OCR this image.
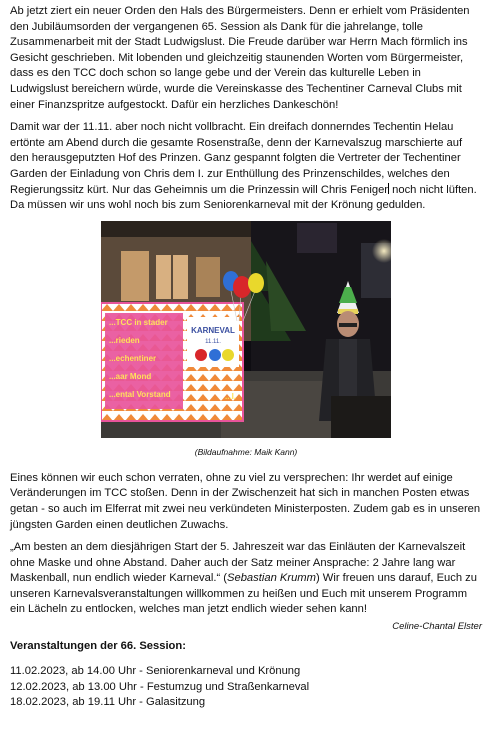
Ab jetzt ziert ein neuer Orden den Hals des Bürgermeisters. Denn er erhielt vom Präsidenten den Jubiläumsorden der vergangenen 65. Session als Dank für die jahrelange, tolle Zusammenarbeit mit der Stadt Ludwigslust. Die Freude darüber war Herrn Mach förmlich ins Gesicht geschrieben. Mit lobenden und gleichzeitig staunenden Worten vom Bürgermeister, dass es den TCC doch schon so lange gebe und der Verein das kulturelle Leben in Ludwigslust bereichern würde, wurde die Vereinskasse des Techentiner Carneval Clubs mit einer Finanzspritze aufgestockt. Dafür ein herzliches Dankeschön!

Damit war der 11.11. aber noch nicht vollbracht. Ein dreifach donnerndes Techentin Helau ertönte am Abend durch die gesamte Rosenstraße, denn der Karnevalszug marschierte auf den herausgeputzten Hof des Prinzen. Ganz gespannt folgten die Vertreter der Techentiner Garden der Einladung von Chris dem I. zur Enthüllung des Prinzenschildes, welches den Regierungssitz kürt. Nur das Geheimnis um die Prinzessin will Chris Feniger noch nicht lüften. Da müssen wir uns wohl noch bis zum Seniorenkarneval mit der Krönung gedulden.

...TCC in stader
...rieden
...echentiner
...aar Mond
...ental Vorstand
KARNEVAL
11.11.
...I.
(Bildaufnahme: Maik Kann)

Eines können wir euch schon verraten, ohne zu viel zu versprechen: Ihr werdet auf einige Veränderungen im TCC stoßen. Denn in der Zwischenzeit hat sich in manchen Posten etwas getan - so auch im Elferrat mit zwei neu verkündeten Ministerposten. Zudem gab es in unseren jüngsten Garden einen deutlichen Zuwachs.

„Am besten an dem diesjährigen Start der 5. Jahreszeit war das Einläuten der Karnevalszeit ohne Maske und ohne Abstand. Daher auch der Satz meiner Ansprache: 2 Jahre lang war Maskenball, nun endlich wieder Karneval.“ (Sebastian Krumm) Wir freuen uns darauf, Euch zu unseren Karnevalsveranstaltungen willkommen zu heißen und Euch mit unserem Programm ein Lächeln zu entlocken, welches man jetzt endlich wieder sehen kann!

Celine-Chantal Elster
Veranstaltungen der 66. Session:
11.02.2023, ab 14.00 Uhr - Seniorenkarneval und Krönung
12.02.2023, ab 13.00 Uhr - Festumzug und Straßenkarneval
18.02.2023, ab 19.11 Uhr - Galasitzung
